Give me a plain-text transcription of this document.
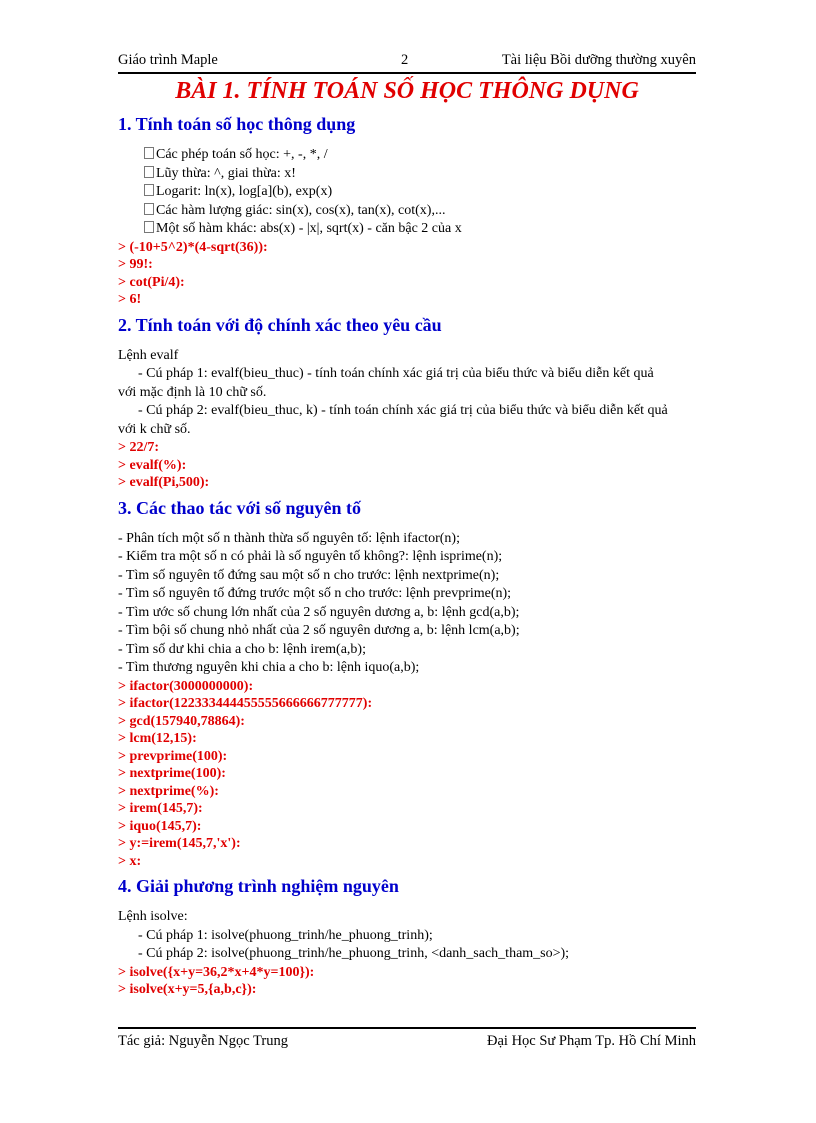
Giáo trình Maple	2	Tài liệu Bồi dưỡng thường xuyên
BÀI 1. TÍNH TOÁN SỐ HỌC THÔNG DỤNG
1. Tính toán số học thông dụng
Các phép toán số học: +, -, *, /
Lũy thừa: ^, giai thừa: x!
Logarit: ln(x), log[a](b), exp(x)
Các hàm lượng giác: sin(x), cos(x), tan(x), cot(x),...
Một số hàm khác: abs(x) - |x|, sqrt(x) - căn bậc 2 của x
> (-10+5^2)*(4-sqrt(36)):
> 99!:
> cot(Pi/4):
> 6!
2. Tính toán với độ chính xác theo yêu cầu
Lệnh evalf
- Cú pháp 1: evalf(bieu_thuc) - tính toán chính xác giá trị của biểu thức và biểu diễn kết quả
với mặc định là 10 chữ số.
- Cú pháp 2: evalf(bieu_thuc, k) - tính toán chính xác giá trị của biểu thức và biểu diễn kết quả
với k chữ số.
> 22/7:
> evalf(%):
> evalf(Pi,500):
3. Các thao tác với số nguyên tố
- Phân tích một số n thành thừa số nguyên tố: lệnh ifactor(n);
- Kiểm tra một số n có phải là số nguyên tố không?: lệnh isprime(n);
- Tìm số nguyên tố đứng sau một số n cho trước: lệnh nextprime(n);
- Tìm số nguyên tố đứng trước một số n cho trước: lệnh prevprime(n);
- Tìm ước số chung lớn nhất của 2 số nguyên dương a, b: lệnh gcd(a,b);
- Tìm bội số chung nhỏ nhất của 2 số nguyên dương a, b: lệnh lcm(a,b);
- Tìm số dư khi chia a cho b: lệnh irem(a,b);
- Tìm thương nguyên khi chia a cho b: lệnh iquo(a,b);
> ifactor(3000000000):
> ifactor(122333444455555666666777777):
> gcd(157940,78864):
> lcm(12,15):
> prevprime(100):
> nextprime(100):
> nextprime(%):
> irem(145,7):
> iquo(145,7):
> y:=irem(145,7,'x'):
> x:
4. Giải phương trình nghiệm nguyên
Lệnh isolve:
- Cú pháp 1: isolve(phuong_trinh/he_phuong_trinh);
- Cú pháp 2: isolve(phuong_trinh/he_phuong_trinh, <danh_sach_tham_so>);
> isolve({x+y=36,2*x+4*y=100}):
> isolve(x+y=5,{a,b,c}):
Tác giả: Nguyễn Ngọc Trung	Đại Học Sư Phạm Tp. Hồ Chí Minh
